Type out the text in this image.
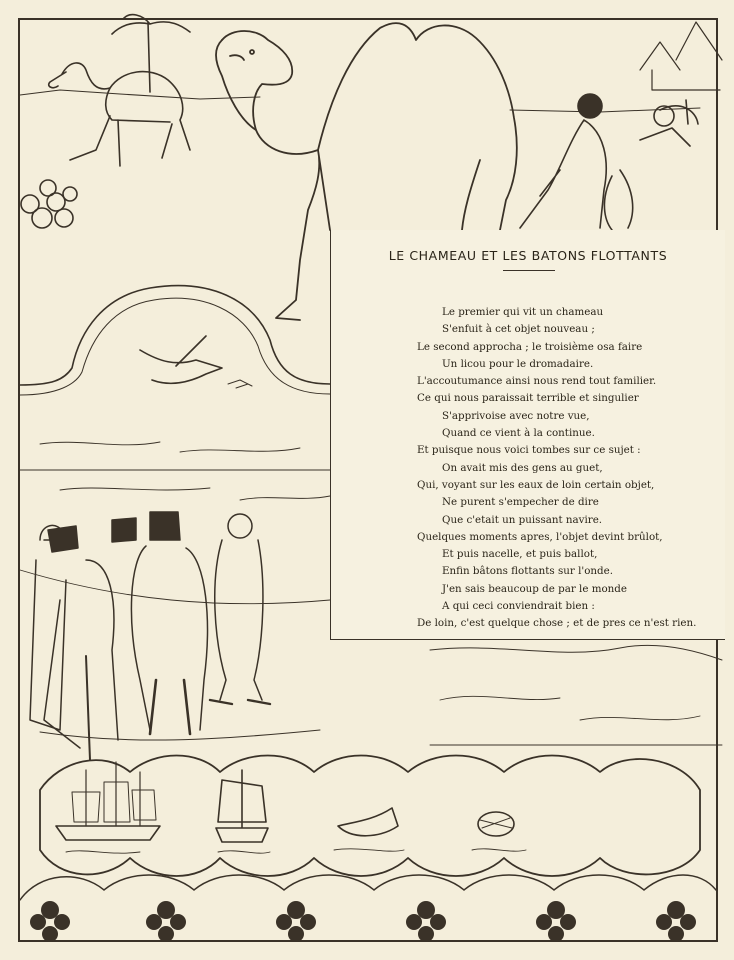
LE CHAMEAU ET LES BATONS FLOTTANTS
Le premier qui vit un chameau
S'enfuit à cet objet nouveau ;
Le second approcha ; le troisième osa faire
Un licou pour le dromadaire.
L'accoutumance ainsi nous rend tout familier.
Ce qui nous paraissait terrible et singulier
S'apprivoise avec notre vue,
Quand ce vient à la continue.
Et puisque nous voici tombes sur ce sujet :
On avait mis des gens au guet,
Qui, voyant sur les eaux de loin certain objet,
Ne purent s'empecher de dire
Que c'etait un puissant navire.
Quelques moments apres, l'objet devint brûlot,
Et puis nacelle, et puis ballot,
Enfin bâtons flottants sur l'onde.
J'en sais beaucoup de par le monde
A qui ceci conviendrait bien :
De loin, c'est quelque chose ; et de pres ce n'est rien.
